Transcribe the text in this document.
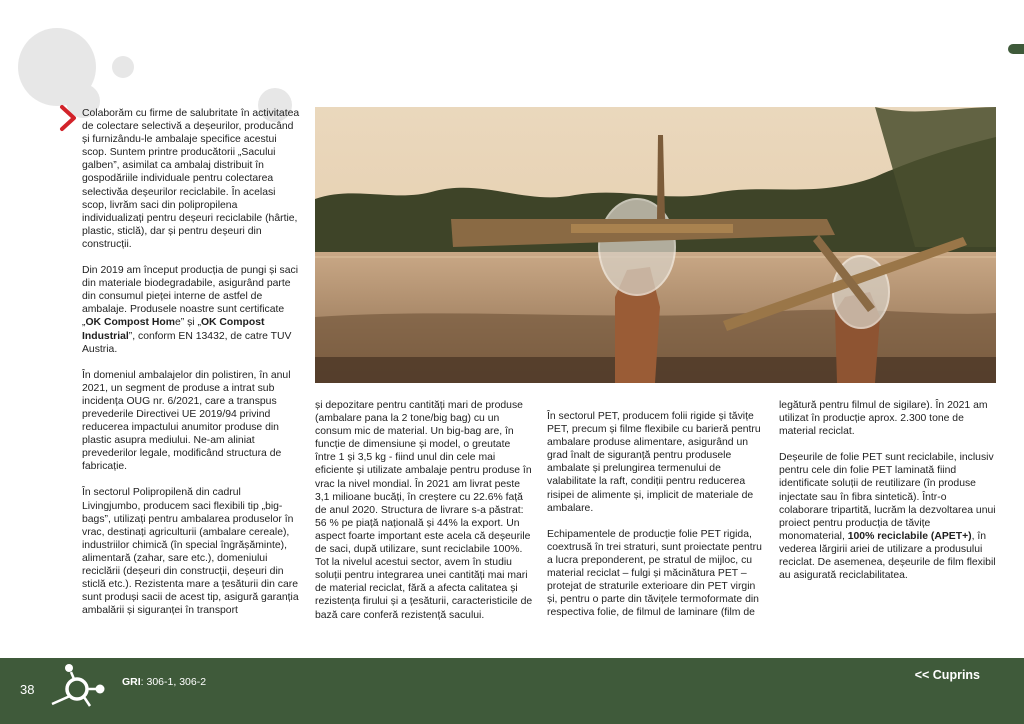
Colaborăm cu firme de salubritate în activitatea de colectare selectivă a deșeurilor, producând și furnizându-le ambalaje specifice acestui scop. Suntem printre producătorii „Sacului galben”, asimilat ca ambalaj distribuit în gospodăriile individuale pentru colectarea selectivăa deșeurilor reciclabile. În acelasi scop, livrăm saci din polipropilena individualizați pentru deșeuri reciclabile (hârtie, plastic, sticlă), dar și pentru deșeuri din construcții.

Din 2019 am început producția de pungi și saci din materiale biodegradabile, asigurând parte din consumul pieței interne de astfel de ambalaje. Produsele noastre sunt certificate „OK Compost Home” și „OK Compost Industrial”, conform EN 13432, de catre TUV Austria.

În domeniul ambalajelor din polistiren, în anul 2021, un segment de produse a intrat sub incidența OUG nr. 6/2021, care a transpus prevederile Directivei UE 2019/94 privind reducerea impactului anumitor produse din plastic asupra mediului. Ne-am aliniat prevederilor legale, modificând structura de fabricație.

În sectorul Polipropilenă din cadrul Livingjumbo, producem saci flexibili tip „big-bags”, utilizați pentru ambalarea produselor în vrac, destinați agriculturii (ambalare cereale), industriilor chimică (în special îngrășăminte), alimentară (zahar, sare etc.), domeniului reciclării (deșeuri din construcții, deșeuri din sticlă etc.). Rezistenta mare a țesăturii din care sunt produși sacii de acest tip, asigură garanția ambalării și siguranței în transport

și depozitare pentru cantități mari de produse (ambalare pana la 2 tone/big bag) cu un consum mic de material. Un big-bag are, în funcție de dimensiune și model, o greutate între 1 și 3,5 kg - fiind unul din cele mai eficiente și utilizate ambalaje pentru produse în vrac la nivel mondial. În 2021 am livrat peste 3,1 milioane bucăți, în creștere cu 22.6% față de anul 2020. Structura de livrare s-a păstrat: 56 % pe piață națională și 44% la export. Un aspect foarte important este acela că deșeurile de saci, după utilizare, sunt reciclabile 100%. Tot la nivelul acestui sector, avem în studiu soluții pentru integrarea unei cantități mai mari de material reciclat, fără a afecta calitatea și rezistența firului și a țesăturii, caracteristicile de bază care conferă rezistență sacului.

În sectorul PET, producem folii rigide și tăvițe PET, precum și filme flexibile cu barieră pentru ambalare produse alimentare, asigurând un grad înalt de siguranță pentru produsele ambalate și prelungirea termenului de valabilitate la raft, condiții pentru reducerea risipei de alimente și, implicit de materiale de ambalare.

Echipamentele de producție folie PET rigida, coextrusă în trei straturi, sunt proiectate pentru a lucra preponderent, pe stratul de mijloc, cu material reciclat – fulgi și măcinătura PET – protejat de straturile exterioare din PET virgin și, pentru o parte din tăvițele termoformate din respectiva folie, de filmul de laminare (film de

legătură pentru filmul de sigilare). În 2021 am utilizat în producție aprox. 2.300 tone de material reciclat.

Deșeurile de folie PET sunt reciclabile, inclusiv pentru cele din folie PET laminată fiind identificate soluții de reutilizare (în produse injectate sau în fibra sintetică). Într-o colaborare tripartită, lucrăm la dezvoltarea unui proiect pentru producția de tăvițe monomaterial, 100% reciclabile (APET+), în vederea lărgirii ariei de utilizare a produsului reciclat. De asemenea, deșeurile de film flexibil au asigurată reciclabilitatea.

38	GRI: 306-1, 306-2	<< Cuprins
